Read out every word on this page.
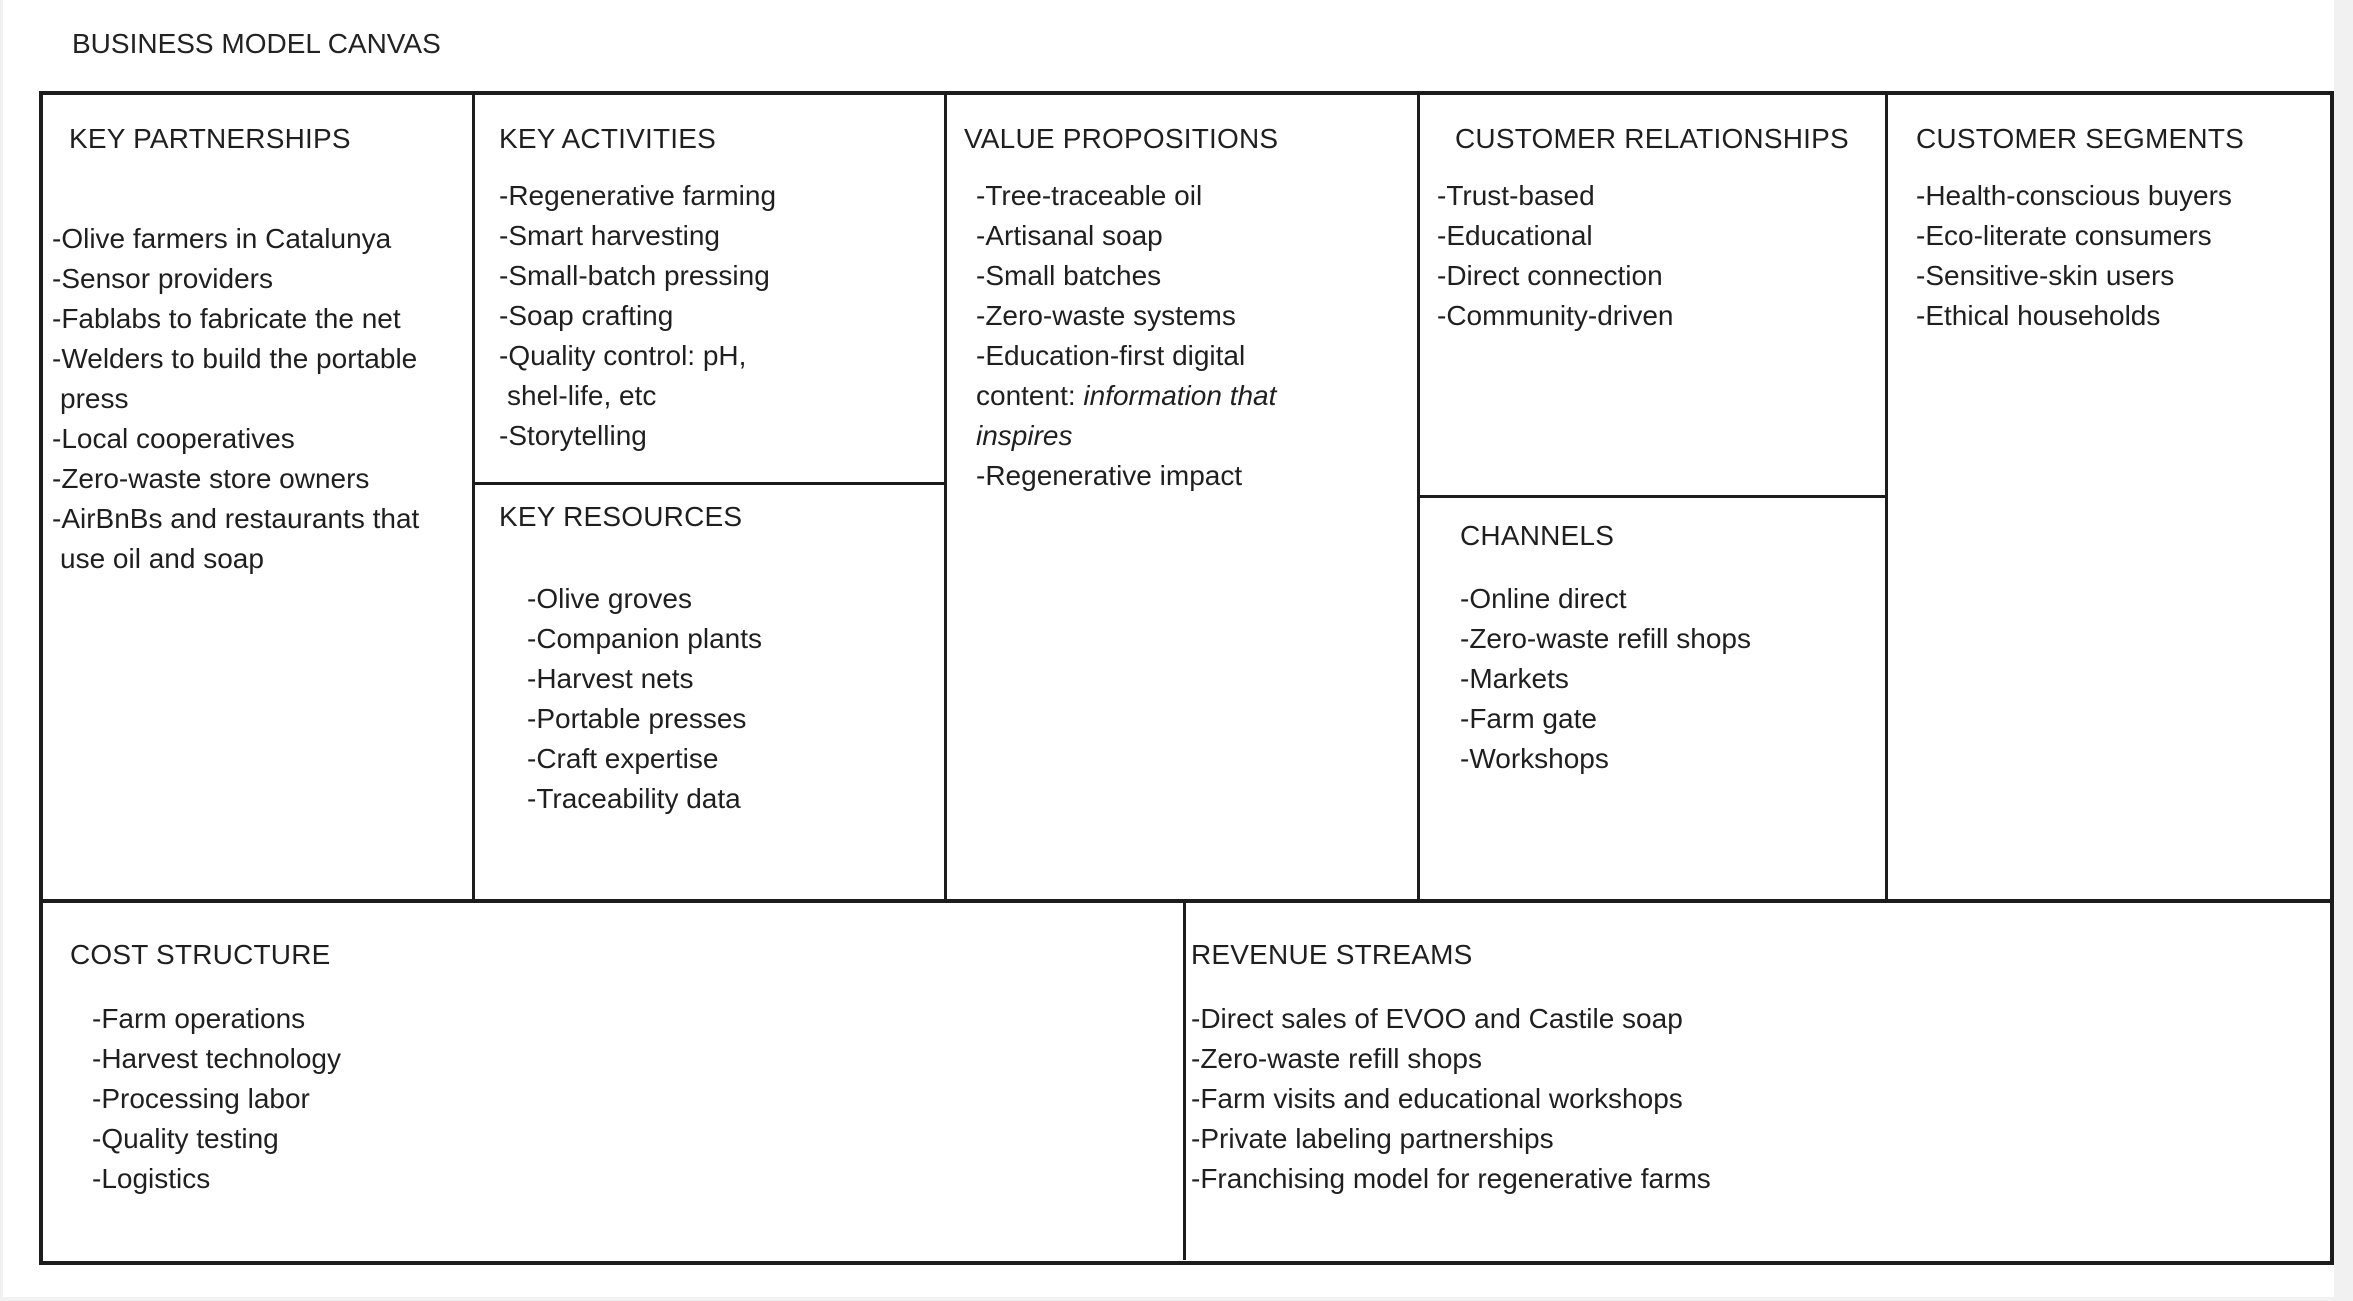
BUSINESS MODEL CANVAS
KEY PARTNERSHIPS
-Olive farmers in Catalunya
-Sensor providers
-Fablabs to fabricate the net
-Welders to build the portable
press
-Local cooperatives
-Zero-waste store owners
-AirBnBs and restaurants that
use oil and soap
KEY ACTIVITIES
-Regenerative farming
-Smart harvesting
-Small-batch pressing
-Soap crafting
-Quality control: pH,
shel-life, etc
-Storytelling
KEY RESOURCES
-Olive groves
-Companion plants
-Harvest nets
-Portable presses
-Craft expertise
-Traceability data
VALUE PROPOSITIONS
-Tree-traceable oil
-Artisanal soap
-Small batches
-Zero-waste systems
-Education-first digital
content: information that
inspires
-Regenerative impact
CUSTOMER RELATIONSHIPS
-Trust-based
-Educational
-Direct connection
-Community-driven
CHANNELS
-Online direct
-Zero-waste refill shops
-Markets
-Farm gate
-Workshops
CUSTOMER SEGMENTS
-Health-conscious buyers
-Eco-literate consumers
-Sensitive-skin users
-Ethical households
COST STRUCTURE
-Farm operations
-Harvest technology
-Processing labor
-Quality testing
-Logistics
REVENUE STREAMS
-Direct sales of EVOO and Castile soap
-Zero-waste refill shops
-Farm visits and educational workshops
-Private labeling partnerships
-Franchising model for regenerative farms
